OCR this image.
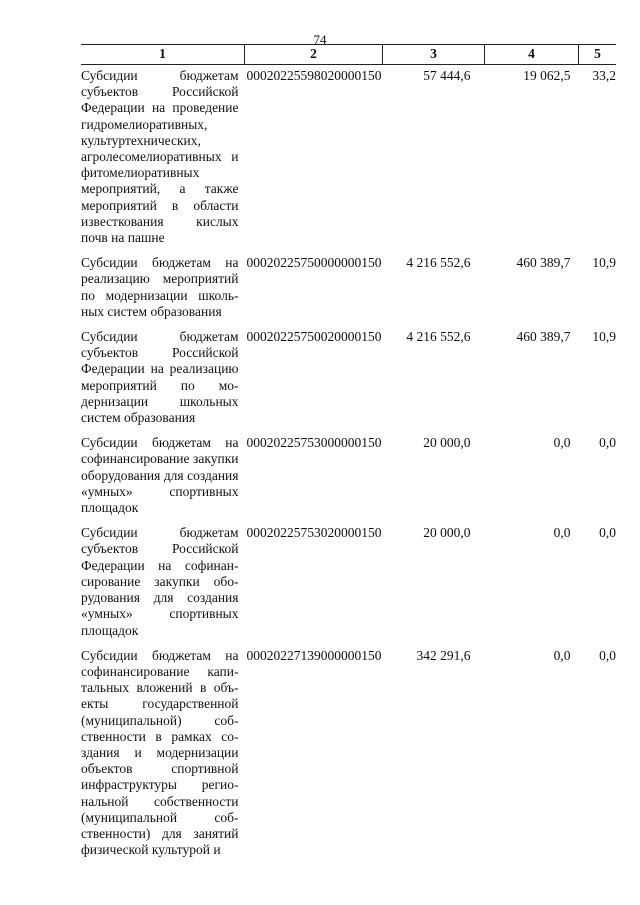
74
1	2	3	4	5
Субсидии бюджетам субъектов Российской Федерации на проведение гидромелиоративных, культуртехнических, агролесомелиоративных и фитомелиоративных мероприятий, а также мероприятий в области известкования кислых почв на пашне	00020225598020000150	57 444,6	19 062,5	33,2
Субсидии бюджетам на реализацию мероприятий по модернизации школьных систем образования	00020225750000000150	4 216 552,6	460 389,7	10,9
Субсидии бюджетам субъектов Российской Федерации на реализацию мероприятий по модернизации школьных систем образования	00020225750020000150	4 216 552,6	460 389,7	10,9
Субсидии бюджетам на софинансирование закупки оборудования для создания «умных» спортивных площадок	00020225753000000150	20 000,0	0,0	0,0
Субсидии бюджетам субъектов Российской Федерации на софинансирование закупки оборудования для создания «умных» спортивных площадок	00020225753020000150	20 000,0	0,0	0,0
Субсидии бюджетам на софинансирование капитальных вложений в объекты государственной (муниципальной) собственности в рамках создания и модернизации объектов спортивной инфраструктуры региональной собственности (муниципальной собственности) для занятий физической культурой и	00020227139000000150	342 291,6	0,0	0,0
